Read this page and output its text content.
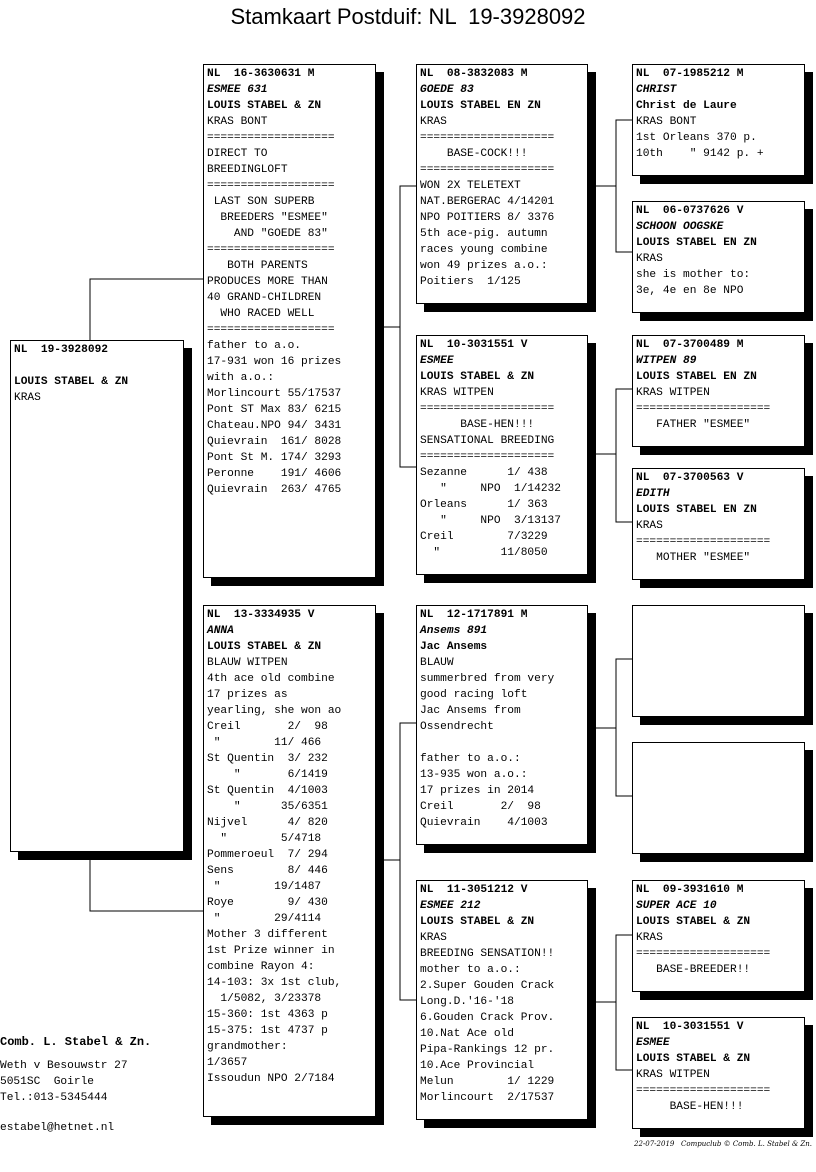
Stamkaart Postduif: NL  19-3928092
NL  19-3928092
LOUIS STABEL & ZN
KRAS
NL  16-3630631 M
ESMEE 631
LOUIS STABEL & ZN
KRAS BONT
===================
DIRECT TO
BREEDINGLOFT
===================
LAST SON SUPERB
BREEDERS "ESMEE"
AND "GOEDE 83"
===================
BOTH PARENTS
PRODUCES MORE THAN
40 GRAND-CHILDREN
WHO RACED WELL
===================
father to a.o.
17-931 won 16 prizes
with a.o.:
Morlincourt 55/17537
Pont ST Max 83/ 6215
Chateau.NPO 94/ 3431
Quievrain  161/ 8028
Pont St M. 174/ 3293
Peronne    191/ 4606
Quievrain  263/ 4765
NL  13-3334935 V
ANNA
LOUIS STABEL & ZN
BLAUW WITPEN
4th ace old combine
17 prizes as
yearling, she won ao
Creil       2/  98
"        11/ 466
St Quentin  3/ 232
"       6/1419
St Quentin  4/1003
"      35/6351
Nijvel      4/ 820
"        5/4718
Pommeroeul  7/ 294
Sens        8/ 446
"        19/1487
Roye        9/ 430
"        29/4114
Mother 3 different
1st Prize winner in
combine Rayon 4:
14-103: 3x 1st club,
1/5082, 3/23378
15-360: 1st 4363 p
15-375: 1st 4737 p
grandmother:
1/3657
Issoudun NPO 2/7184
NL  08-3832083 M
GOEDE 83
LOUIS STABEL EN ZN
KRAS
====================
BASE-COCK!!!
====================
WON 2X TELETEXT
NAT.BERGERAC 4/14201
NPO POITIERS 8/ 3376
5th ace-pig. autumn
races young combine
won 49 prizes a.o.:
Poitiers  1/125
NL  10-3031551 V
ESMEE
LOUIS STABEL & ZN
KRAS WITPEN
====================
BASE-HEN!!!
SENSATIONAL BREEDING
====================
Sezanne      1/ 438
"     NPO  1/14232
Orleans      1/ 363
"     NPO  3/13137
Creil        7/3229
"         11/8050
NL  12-1717891 M
Ansems 891
Jac Ansems
BLAUW
summerbred from very
good racing loft
Jac Ansems from
Ossendrecht
father to a.o.:
13-935 won a.o.:
17 prizes in 2014
Creil       2/  98
Quievrain    4/1003
NL  11-3051212 V
ESMEE 212
LOUIS STABEL & ZN
KRAS
BREEDING SENSATION!!
mother to a.o.:
2.Super Gouden Crack
Long.D.'16-'18
6.Gouden Crack Prov.
10.Nat Ace old
Pipa-Rankings 12 pr.
10.Ace Provincial
Melun        1/ 1229
Morlincourt  2/17537
NL  07-1985212 M
CHRIST
Christ de Laure
KRAS BONT
1st Orleans 370 p.
10th    " 9142 p. +
NL  06-0737626 V
SCHOON OOGSKE
LOUIS STABEL EN ZN
KRAS
she is mother to:
3e, 4e en 8e NPO
NL  07-3700489 M
WITPEN 89
LOUIS STABEL EN ZN
KRAS WITPEN
====================
FATHER "ESMEE"
NL  07-3700563 V
EDITH
LOUIS STABEL EN ZN
KRAS
====================
MOTHER "ESMEE"
NL  09-3931610 M
SUPER ACE 10
LOUIS STABEL & ZN
KRAS
====================
BASE-BREEDER!!
NL  10-3031551 V
ESMEE
LOUIS STABEL & ZN
KRAS WITPEN
====================
BASE-HEN!!!
Comb. L. Stabel & Zn.
Weth v Besouwstr 27
5051SC  Goirle
Tel.:013-5345444
estabel@hetnet.nl
22-07-2019   Compuclub © Comb. L. Stabel & Zn.
